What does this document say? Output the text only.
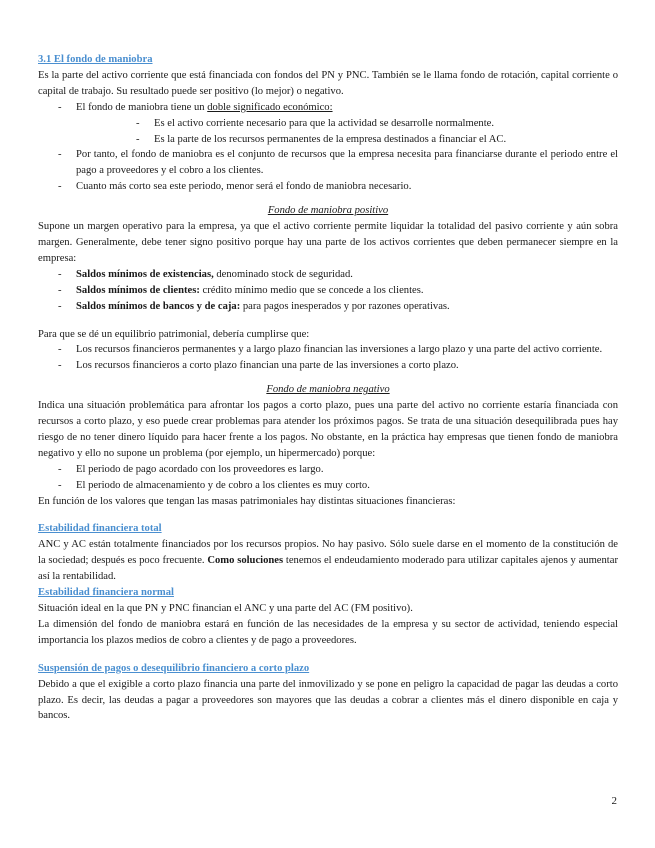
3.1 El fondo de maniobra

Es la parte del activo corriente que está financiada con fondos del PN y PNC. También se le llama fondo de rotación, capital corriente o capital de trabajo. Su resultado puede ser positivo (lo mejor) o negativo.

- El fondo de maniobra tiene un doble significado económico:
- Es el activo corriente necesario para que la actividad se desarrolle normalmente.
- Es la parte de los recursos permanentes de la empresa destinados a financiar el AC.
- Por tanto, el fondo de maniobra es el conjunto de recursos que la empresa necesita para financiarse durante el periodo entre el pago a proveedores y el cobro a los clientes.
- Cuanto más corto sea este periodo, menor será el fondo de maniobra necesario.

Fondo de maniobra positivo

Supone un margen operativo para la empresa, ya que el activo corriente permite liquidar la totalidad del pasivo corriente y aún sobra margen. Generalmente, debe tener signo positivo porque hay una parte de los activos corrientes que deben permanecer siempre en la empresa:

- Saldos mínimos de existencias, denominado stock de seguridad.
- Saldos mínimos de clientes: crédito mínimo medio que se concede a los clientes.
- Saldos mínimos de bancos y de caja: para pagos inesperados y por razones operativas.

Para que se dé un equilibrio patrimonial, debería cumplirse que:

- Los recursos financieros permanentes y a largo plazo financian las inversiones a largo plazo y una parte del activo corriente.
- Los recursos financieros a corto plazo financian una parte de las inversiones a corto plazo.

Fondo de maniobra negativo

Indica una situación problemática para afrontar los pagos a corto plazo, pues una parte del activo no corriente estaría financiada con recursos a corto plazo, y eso puede crear problemas para atender los próximos pagos. Se trata de una situación desequilibrada pues hay riesgo de no tener dinero líquido para hacer frente a los pagos. No obstante, en la práctica hay empresas que tienen fondo de maniobra negativo y ello no supone un problema (por ejemplo, un hipermercado) porque:

- El periodo de pago acordado con los proveedores es largo.
- El periodo de almacenamiento y de cobro a los clientes es muy corto.

En función de los valores que tengan las masas patrimoniales hay distintas situaciones financieras:

Estabilidad financiera total

ANC y AC están totalmente financiados por los recursos propios. No hay pasivo. Sólo suele darse en el momento de la constitución de la sociedad; después es poco frecuente. Como soluciones tenemos el endeudamiento moderado para utilizar capitales ajenos y aumentar así la rentabilidad.

Estabilidad financiera normal

Situación ideal en la que PN y PNC financian el ANC y una parte del AC (FM positivo).

La dimensión del fondo de maniobra estará en función de las necesidades de la empresa y su sector de actividad, teniendo especial importancia los plazos medios de cobro a clientes y de pago a proveedores.

Suspensión de pagos o desequilibrio financiero a corto plazo

Debido a que el exigible a corto plazo financia una parte del inmovilizado y se pone en peligro la capacidad de pagar las deudas a corto plazo. Es decir, las deudas a pagar a proveedores son mayores que las deudas a cobrar a clientes más el dinero disponible en caja y bancos.

2
